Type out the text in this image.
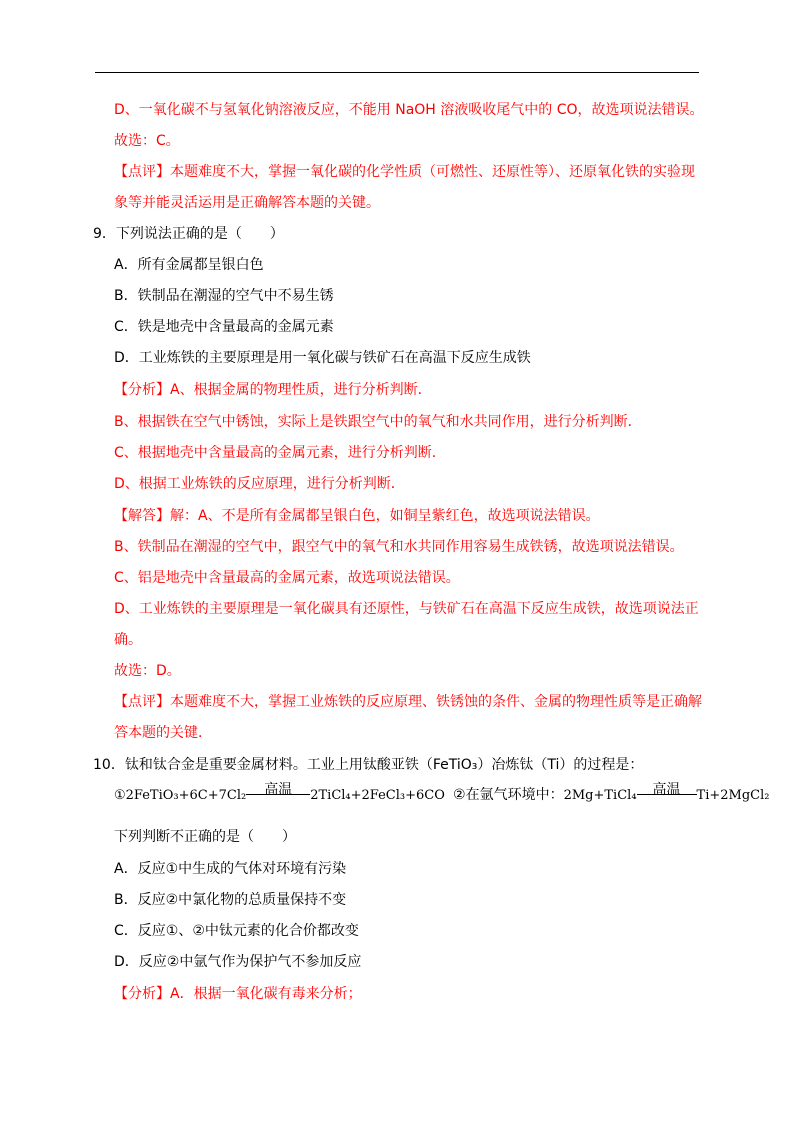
D、一氧化碳不与氢氧化钠溶液反应，不能用 NaOH 溶液吸收尾气中的 CO，故选项说法错误。
故选：C。
【点评】本题难度不大，掌握一氧化碳的化学性质（可燃性、还原性等）、还原氧化铁的实验现
象等并能灵活运用是正确解答本题的关键。
9．下列说法正确的是（　　）
A．所有金属都呈银白色
B．铁制品在潮湿的空气中不易生锈
C．铁是地壳中含量最高的金属元素
D．工业炼铁的主要原理是用一氧化碳与铁矿石在高温下反应生成铁
【分析】A、根据金属的物理性质，进行分析判断．
B、根据铁在空气中锈蚀，实际上是铁跟空气中的氧气和水共同作用，进行分析判断．
C、根据地壳中含量最高的金属元素，进行分析判断．
D、根据工业炼铁的反应原理，进行分析判断．
【解答】解：A、不是所有金属都呈银白色，如铜呈紫红色，故选项说法错误。
B、铁制品在潮湿的空气中，跟空气中的氧气和水共同作用容易生成铁锈，故选项说法错误。
C、铝是地壳中含量最高的金属元素，故选项说法错误。
D、工业炼铁的主要原理是一氧化碳具有还原性，与铁矿石在高温下反应生成铁，故选项说法正
确。
故选：D。
【点评】本题难度不大，掌握工业炼铁的反应原理、铁锈蚀的条件、金属的物理性质等是正确解
答本题的关键．
10．钛和钛合金是重要金属材料。工业上用钛酸亚铁（FeTiO₃）冶炼钛（Ti）的过程是：
下列判断不正确的是（　　）
A．反应①中生成的气体对环境有污染
B．反应②中氯化物的总质量保持不变
C．反应①、②中钛元素的化合价都改变
D．反应②中氩气作为保护气不参加反应
【分析】A．根据一氧化碳有毒来分析；
①2FeTiO₃+6C+7Cl₂	高温	2TiCl₄+2FeCl₃+6CO ②在氩气环境中：2Mg+TiCl₄	高温	Ti+2MgCl₂
